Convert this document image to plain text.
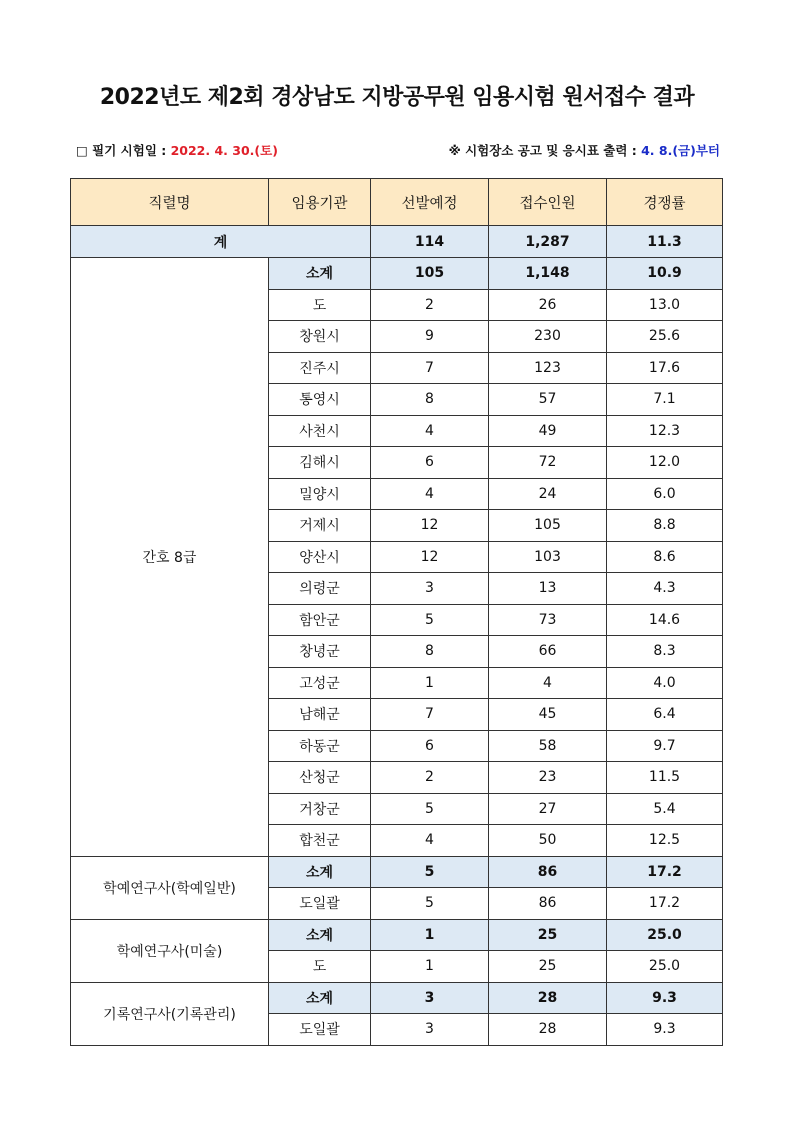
2022년도 제2회 경상남도 지방공무원 임용시험 원서접수 결과
□ 필기 시험일 : 2022. 4. 30.(토)	※ 시험장소 공고 및 응시표 출력 : 4. 8.(금)부터
직렬명	임용기관	선발예정	접수인원	경쟁률
계		114	1,287	11.3
간호 8급	소계	105	1,148	10.9
	도	2	26	13.0
	창원시	9	230	25.6
	진주시	7	123	17.6
	통영시	8	57	7.1
	사천시	4	49	12.3
	김해시	6	72	12.0
	밀양시	4	24	6.0
	거제시	12	105	8.8
	양산시	12	103	8.6
	의령군	3	13	4.3
	함안군	5	73	14.6
	창녕군	8	66	8.3
	고성군	1	4	4.0
	남해군	7	45	6.4
	하동군	6	58	9.7
	산청군	2	23	11.5
	거창군	5	27	5.4
	합천군	4	50	12.5
학예연구사(학예일반)	소계	5	86	17.2
	도일괄	5	86	17.2
학예연구사(미술)	소계	1	25	25.0
	도	1	25	25.0
기록연구사(기록관리)	소계	3	28	9.3
	도일괄	3	28	9.3
